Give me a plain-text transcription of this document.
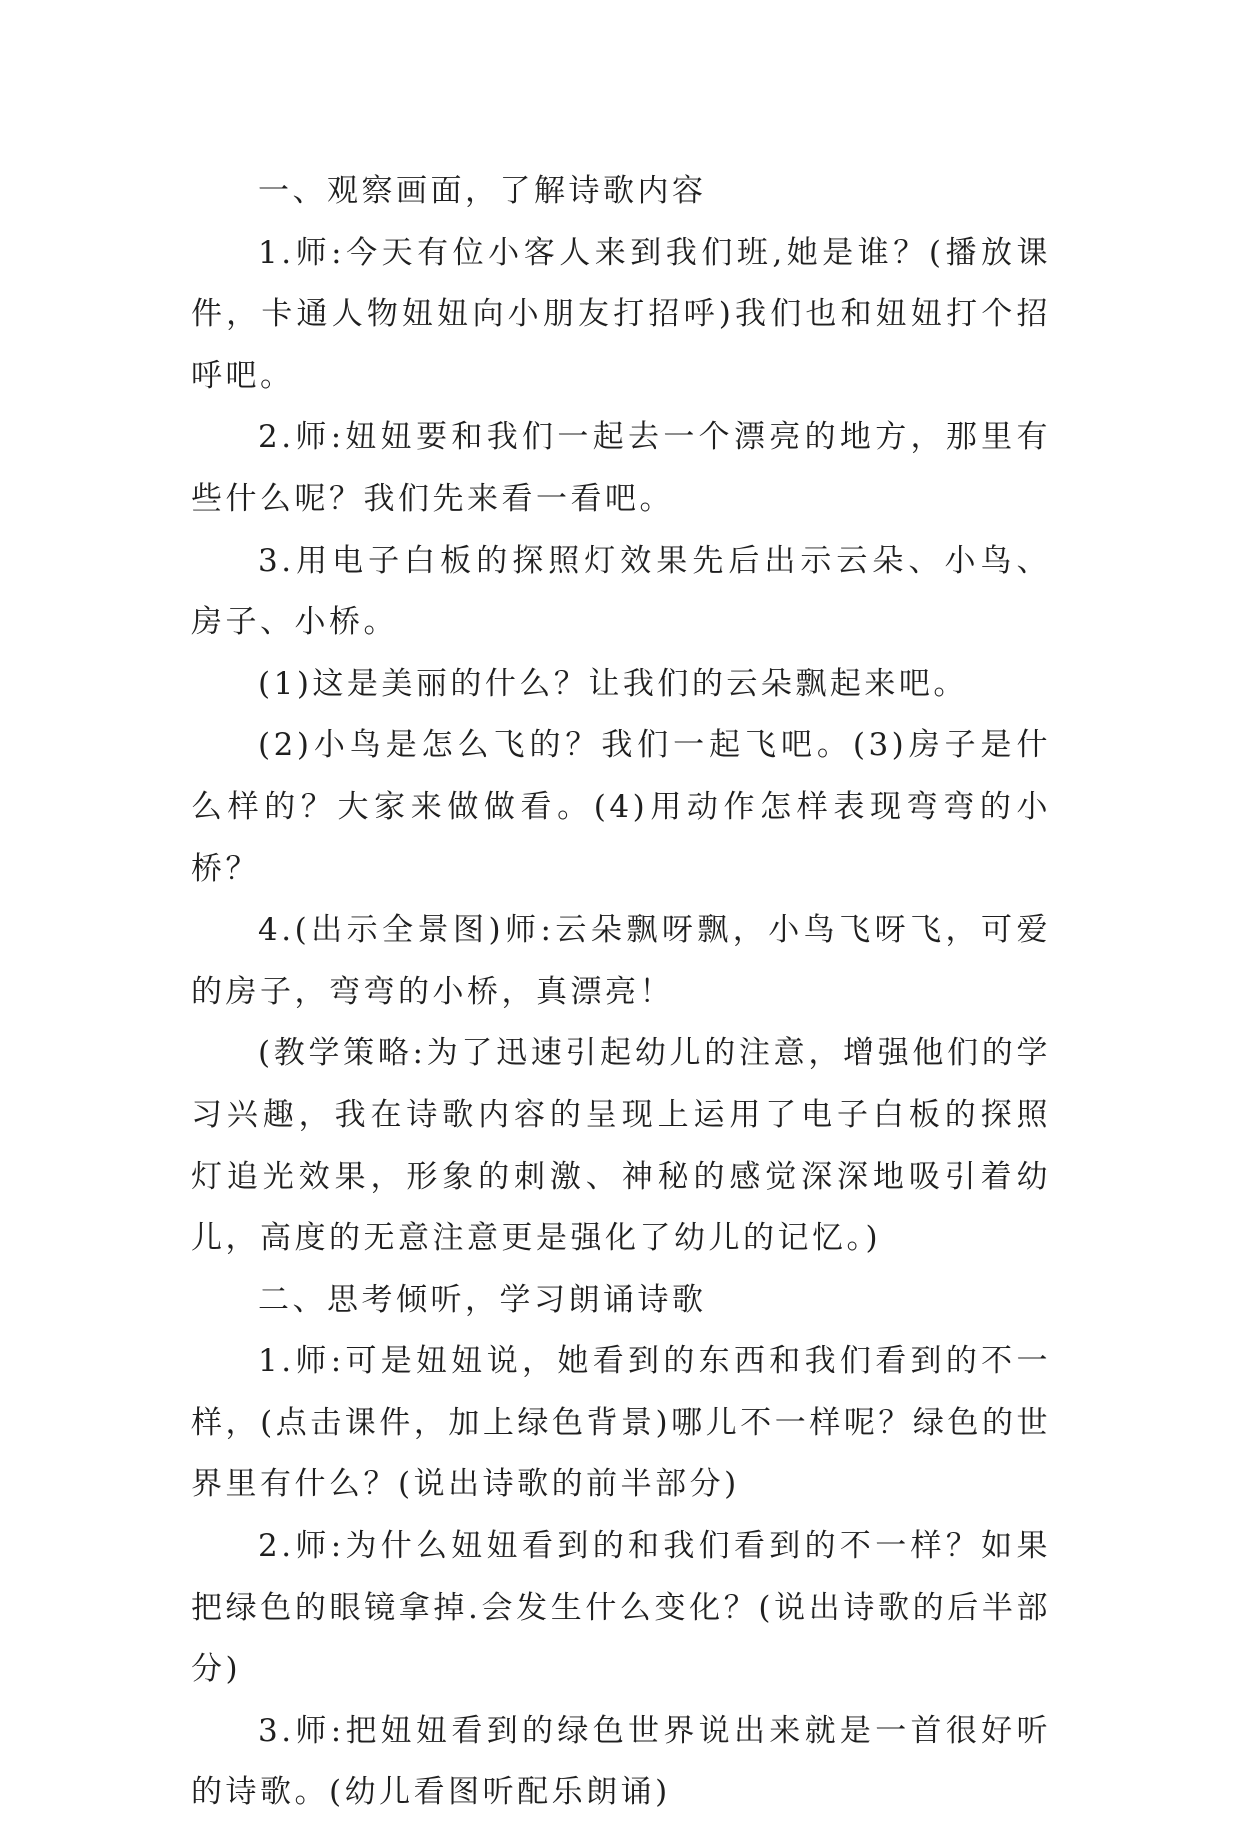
一、观察画面，了解诗歌内容

1.师:今天有位小客人来到我们班,她是谁？(播放课件，卡通人物妞妞向小朋友打招呼)我们也和妞妞打个招呼吧。

2.师:妞妞要和我们一起去一个漂亮的地方，那里有些什么呢？我们先来看一看吧。

3.用电子白板的探照灯效果先后出示云朵、小鸟、房子、小桥。

(1)这是美丽的什么？让我们的云朵飘起来吧。

(2)小鸟是怎么飞的？我们一起飞吧。(3)房子是什么样的？大家来做做看。(4)用动作怎样表现弯弯的小桥？

4.(出示全景图)师:云朵飘呀飘，小鸟飞呀飞，可爱的房子，弯弯的小桥，真漂亮！

(教学策略:为了迅速引起幼儿的注意，增强他们的学习兴趣，我在诗歌内容的呈现上运用了电子白板的探照灯追光效果，形象的刺激、神秘的感觉深深地吸引着幼儿，高度的无意注意更是强化了幼儿的记忆。)

二、思考倾听，学习朗诵诗歌

1.师:可是妞妞说，她看到的东西和我们看到的不一样，(点击课件，加上绿色背景)哪儿不一样呢？绿色的世界里有什么？(说出诗歌的前半部分)

2.师:为什么妞妞看到的和我们看到的不一样？如果把绿色的眼镜拿掉.会发生什么变化？(说出诗歌的后半部分)

3.师:把妞妞看到的绿色世界说出来就是一首很好听的诗歌。(幼儿看图听配乐朗诵)
